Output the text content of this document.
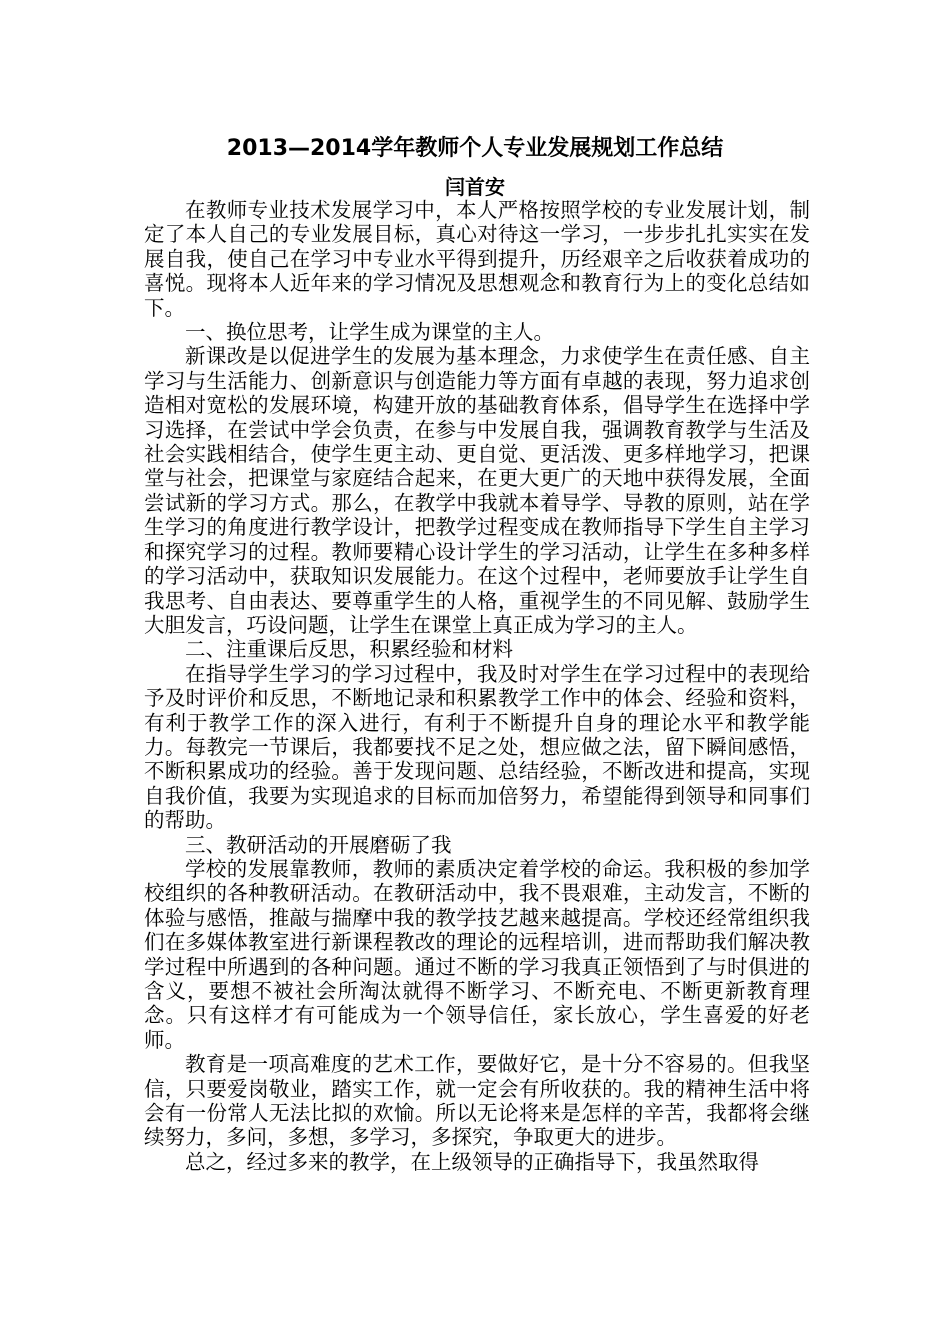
2013—2014学年教师个人专业发展规划工作总结
闫首安

在教师专业技术发展学习中，本人严格按照学校的专业发展计划，制定了本人自己的专业发展目标，真心对待这一学习，一步步扎扎实实在发展自我，使自己在学习中专业水平得到提升，历经艰辛之后收获着成功的喜悦。现将本人近年来的学习情况及思想观念和教育行为上的变化总结如下。

一、换位思考，让学生成为课堂的主人。

新课改是以促进学生的发展为基本理念，力求使学生在责任感、自主学习与生活能力、创新意识与创造能力等方面有卓越的表现，努力追求创造相对宽松的发展环境，构建开放的基础教育体系，倡导学生在选择中学习选择，在尝试中学会负责，在参与中发展自我，强调教育教学与生活及社会实践相结合，使学生更主动、更自觉、更活泼、更多样地学习，把课堂与社会，把课堂与家庭结合起来，在更大更广的天地中获得发展，全面尝试新的学习方式。那么，在教学中我就本着导学、导教的原则，站在学生学习的角度进行教学设计，把教学过程变成在教师指导下学生自主学习和探究学习的过程。教师要精心设计学生的学习活动，让学生在多种多样的学习活动中，获取知识发展能力。在这个过程中，老师要放手让学生自我思考、自由表达、要尊重学生的人格，重视学生的不同见解、鼓励学生大胆发言，巧设问题，让学生在课堂上真正成为学习的主人。

二、注重课后反思，积累经验和材料

在指导学生学习的学习过程中，我及时对学生在学习过程中的表现给予及时评价和反思，不断地记录和积累教学工作中的体会、经验和资料，有利于教学工作的深入进行，有利于不断提升自身的理论水平和教学能力。每教完一节课后，我都要找不足之处，想应做之法，留下瞬间感悟，不断积累成功的经验。善于发现问题、总结经验，不断改进和提高，实现自我价值，我要为实现追求的目标而加倍努力，希望能得到领导和同事们的帮助。

三、教研活动的开展磨砺了我

学校的发展靠教师，教师的素质决定着学校的命运。我积极的参加学校组织的各种教研活动。在教研活动中，我不畏艰难，主动发言，不断的体验与感悟，推敲与揣摩中我的教学技艺越来越提高。学校还经常组织我们在多媒体教室进行新课程教改的理论的远程培训，进而帮助我们解决教学过程中所遇到的各种问题。通过不断的学习我真正领悟到了与时俱进的含义，要想不被社会所淘汰就得不断学习、不断充电、不断更新教育理念。只有这样才有可能成为一个领导信任，家长放心，学生喜爱的好老师。

教育是一项高难度的艺术工作，要做好它，是十分不容易的。但我坚信，只要爱岗敬业，踏实工作，就一定会有所收获的。我的精神生活中将会有一份常人无法比拟的欢愉。所以无论将来是怎样的辛苦，我都将会继续努力，多问，多想，多学习，多探究，争取更大的进步。

总之，经过多来的教学，在上级领导的正确指导下，我虽然取得
